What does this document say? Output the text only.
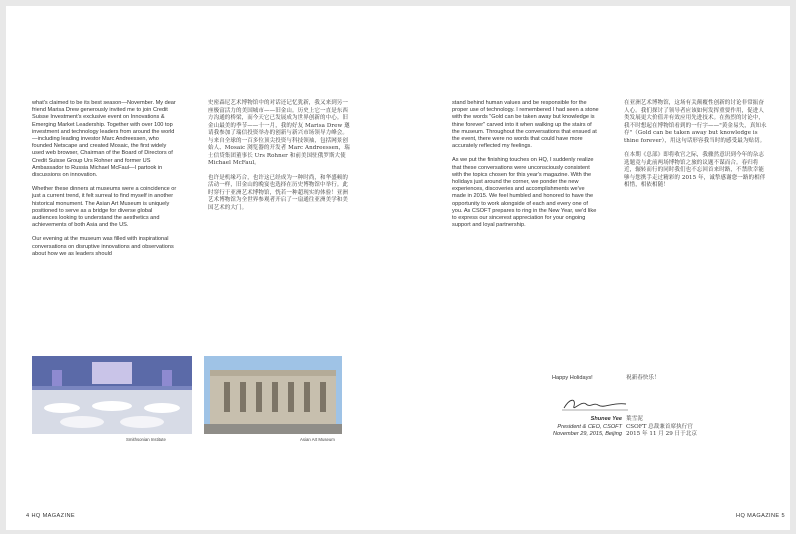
what's claimed to be its best season—November. My dear friend Marisa Drew generously invited me to join Credit Suisse Investment's exclusive event on Innovations & Emerging Market Leadership. Together with over 100 top investment and technology leaders from around the world—including leading investor Marc Andreessen, who founded Netscape and created Mosaic, the first widely used web browser, Chairman of the Board of Directors of Credit Suisse Group Urs Rohner and former US Ambassador to Russia Michael McFaul—I partook in discussions on innovation.

Whether these dinners at museums were a coincidence or just a current trend, it felt surreal to find myself in another historical monument. The Asian Art Museum is uniquely positioned to serve as a bridge for diverse global audiences looking to understand the aesthetics and achievements of both Asia and the US.

Our evening at the museum was filled with inspirational conversations on disruptive innovations and observations about how we as leaders should

史密森尼艺术博物馆中的对话还记忆犹新，我又来到另一座极富活力的美国城市——旧金山。历史上它一直是东西方沟通的桥梁，而今天它已发展成为世界创新的中心。旧金山最美的季节——十一月，我的好友 Marisa Drew 邀请我参加了瑞信投资举办的创新与新兴市场领导力峰会。与来自全球的一百多位顶尖投资与科技领袖，包括网景创始人、Mosaic 浏览器的开发者 Marc Andreessen，瑞士信贷集团董事长 Urs Rohner 和前美国驻俄罗斯大使 Michael McFaul。

也许是机缘巧合，也许这已经成为一种时尚，和华盛顿的活动一样，旧金山的晚宴也选择在历史博物馆中举行。此时穿行于亚洲艺术博物馆，恍若一种超现实的体验！亚洲艺术博物馆为全世界参观者开启了一扇通往亚洲美学和美国艺术的大门。

Smithsonian Institute	Asian Art Museum
4 HQ MAGAZINE

stand behind human values and be responsible for the proper use of technology. I remembered I had seen a stone with the words "Gold can be taken away but knowledge is thine forever" carved into it when walking up the stairs of the museum. Throughout the conversations that ensued at the event, there were no words that could have more accurately reflected my feelings.

As we put the finishing touches on HQ, I suddenly realize that these conversations were unconsciously consistent with the topics chosen for this year's magazine. With the holidays just around the corner, we ponder the new experiences, discoveries and accomplishments we've made in 2015. We feel humbled and honored to have the opportunity to work alongside of each and every one of you. As CSOFT prepares to ring in the New Year, we'd like to express our sincerest appreciation for your ongoing support and loyal partnership.

在亚洲艺术博物馆，这场有关颠覆性创新的讨论非常振奋人心。我们探讨了领导者应该如何发挥重要作用，促进人类发展更大价值并有效应用先进技术。在热烈的讨论中，我不时想起在博物馆看到的一行字——"黄金易失，真知永存"（Gold can be taken away but knowledge is thine forever），用这句话形容我当时的感受最为贴切。

在本期《总部》即将收官之际，我骤然意识到今年的杂志选题竟与此前两场博物馆之旅的议题不谋而合。春归将近，辗转而行的同时我们也不忘回首来时路，不禁欣幸能够与您携手走过精彩的 2015 年，诚挚感谢您一路的相伴相惜，相依相随！

Happy Holidays!	祝新春快乐！
Shunee Yee
President & CEO, CSOFT
November 29, 2015, Beijing
葉雪泥
CSOFT 总裁兼首席执行官
2015 年 11 月 29 日于北京
HQ MAGAZINE 5
